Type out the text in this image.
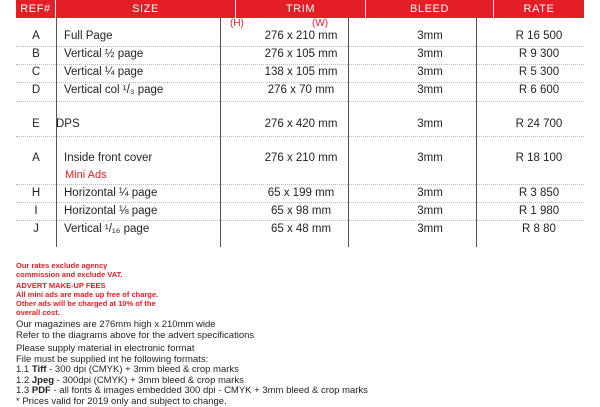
REF#	SIZE	TRIM	BLEED	RATE
(H)	(W)
A	Full Page	276 x 210 mm	3mm	R 16 500
B	Vertical ½ page	276 x 105 mm	3mm	R 9 300
C	Vertical ¼ page	138 x 105 mm	3mm	R 5 300
D	Vertical col ¹/₃ page	276 x 70 mm	3mm	R 6 600
E	DPS	276 x 420 mm	3mm	R 24 700
A	Inside front cover	276 x 210 mm	3mm	R 18 100
Mini Ads
H	Horizontal ¼ page	65 x 199 mm	3mm	R 3 850
I	Horizontal ⅛ page	65 x 98 mm	3mm	R 1 980
J	Vertical ¹/₁₆ page	65 x 48 mm	3mm	R 8 80
Our rates exclude agency
commission and exclude VAT.
ADVERT MAKE-UP FEES
All mini ads are made up free of charge.
Other ads will be charged at 10% of the
overall cost.
Our magazines are 276mm high x 210mm wide
Refer to the diagrams above for the advert specifications
Please supply material in electronic format
File must be supplied int he following formats:
1.1 Tiff - 300 dpi (CMYK) + 3mm bleed & crop marks
1.2 Jpeg - 300dpi (CMYK) + 3mm bleed & crop marks
1.3 PDF - all fonts & images embedded 300 dpi - CMYK + 3mm bleed & crop marks
* Prices valid for 2019 only and subject to change.
